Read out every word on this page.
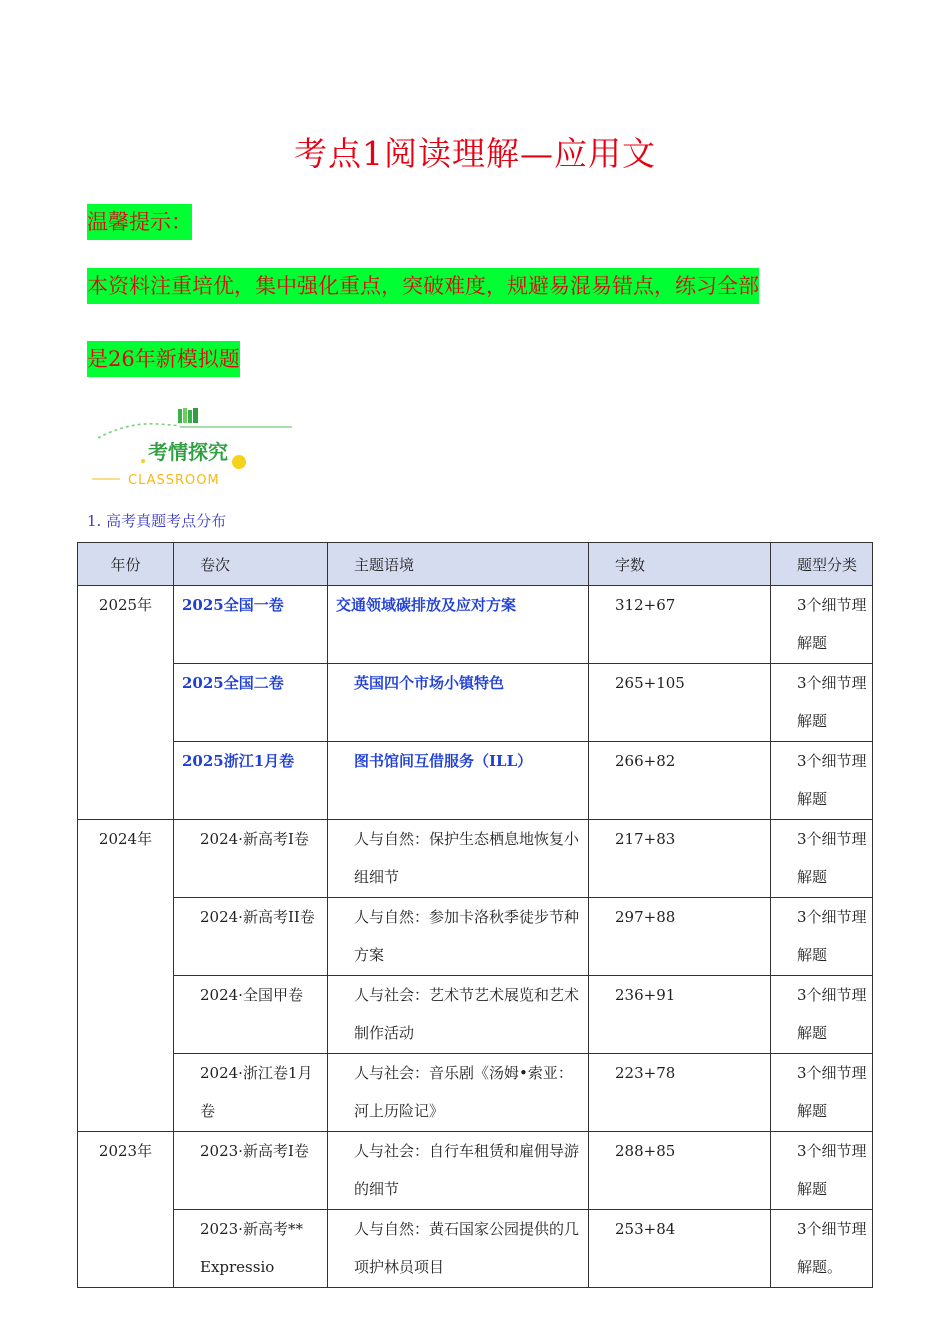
考点1阅读理解—应用文
温馨提示：
本资料注重培优，集中强化重点，突破难度，规避易混易错点，练习全部
是26年新模拟题
考情探究
CLASSROOM
1. 高考真题考点分布
年份	卷次	主题语境	字数	题型分类
2025年	2025全国一卷	交通领域碳排放及应对方案	312+67	3个细节理解题
	2025全国二卷	英国四个市场小镇特色	265+105	3个细节理解题
	2025浙江1月卷	图书馆间互借服务（ILL）	266+82	3个细节理解题
2024年	2024·新高考I卷	人与自然：保护生态栖息地恢复小组细节	217+83	3个细节理解题
	2024·新高考II卷	人与自然：参加卡洛秋季徒步节种方案	297+88	3个细节理解题
	2024·全国甲卷	人与社会：艺术节艺术展览和艺术制作活动	236+91	3个细节理解题
	2024·浙江卷1月卷	人与社会：音乐剧《汤姆•索亚：河上历险记》	223+78	3个细节理解题
2023年	2023·新高考I卷	人与社会：自行车租赁和雇佣导游的细节	288+85	3个细节理解题
	2023·新高考** Expressio	人与自然：黄石国家公园提供的几项护林员项目	253+84	3个细节理解题。
